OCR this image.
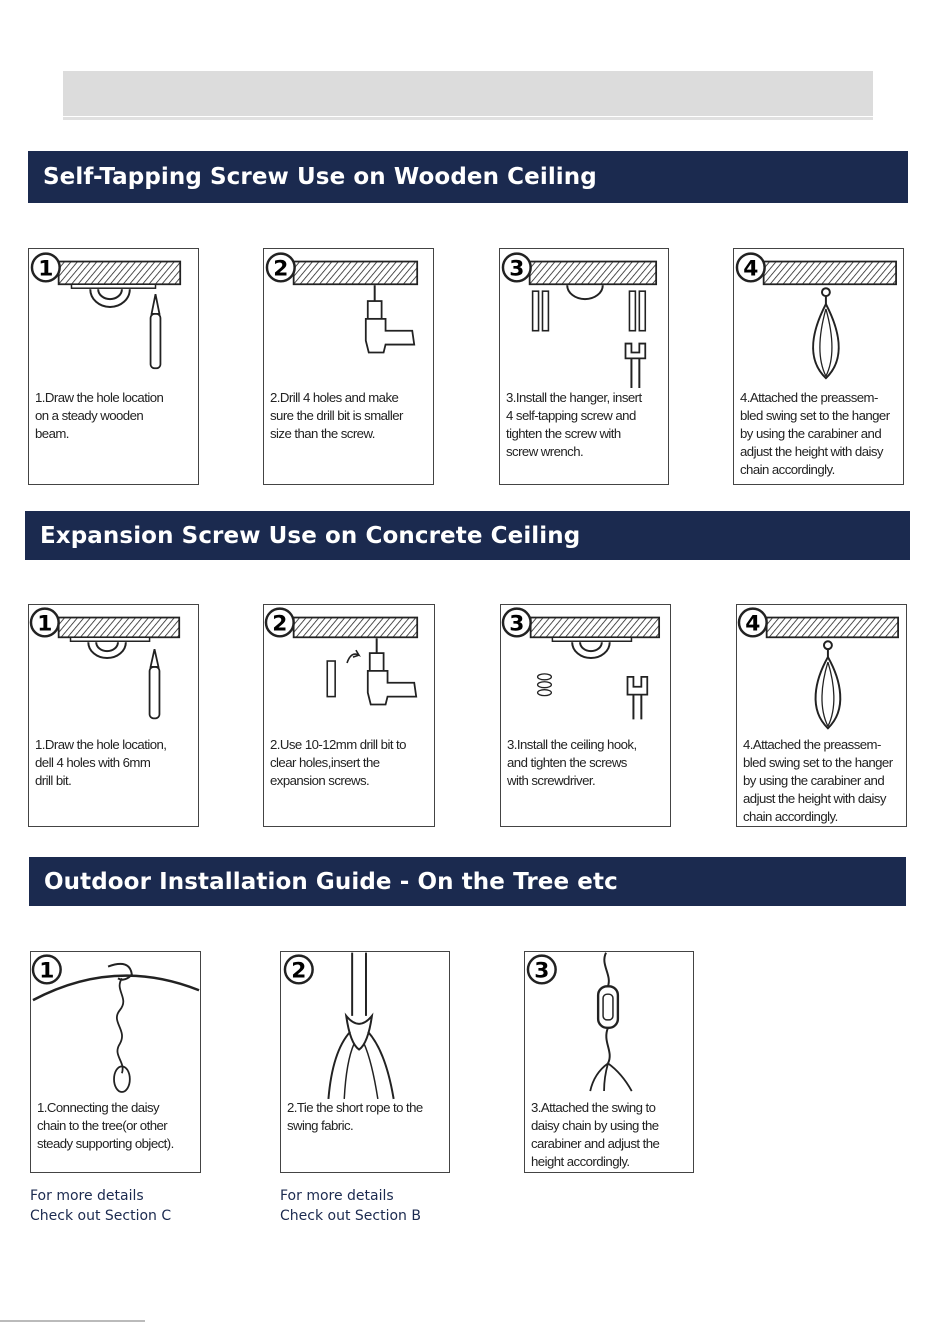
Self-Tapping Screw Use on Wooden Ceiling
1
1.Draw the hole location
on a steady wooden
beam.
2
2.Drill 4 holes and make
sure the drill bit is smaller
size than the screw.
3
3.Install the hanger, insert
4 self-tapping screw and
tighten the screw with
screw wrench.
4
4.Attached the preassem-
bled swing set to the hanger
by using the carabiner and
adjust the height with daisy
chain accordingly.
Expansion Screw Use on Concrete Ceiling
1
1.Draw the hole location,
dell 4 holes with 6mm
drill bit.
2
2.Use 10-12mm drill bit to
clear holes,insert the
expansion screws.
3
3.Install the ceiling hook,
and tighten the screws
with screwdriver.
4
4.Attached the preassem-
bled swing set to the hanger
by using the carabiner and
adjust the height with daisy
chain accordingly.
Outdoor Installation Guide - On the Tree etc
1
1.Connecting the daisy
chain to the tree(or other
steady supporting object).
2
2.Tie the short rope to the
swing fabric.
3
3.Attached the swing to
daisy chain by using the
carabiner and adjust the
height accordingly.
For more details
Check out Section C
For more details
Check out Section B
